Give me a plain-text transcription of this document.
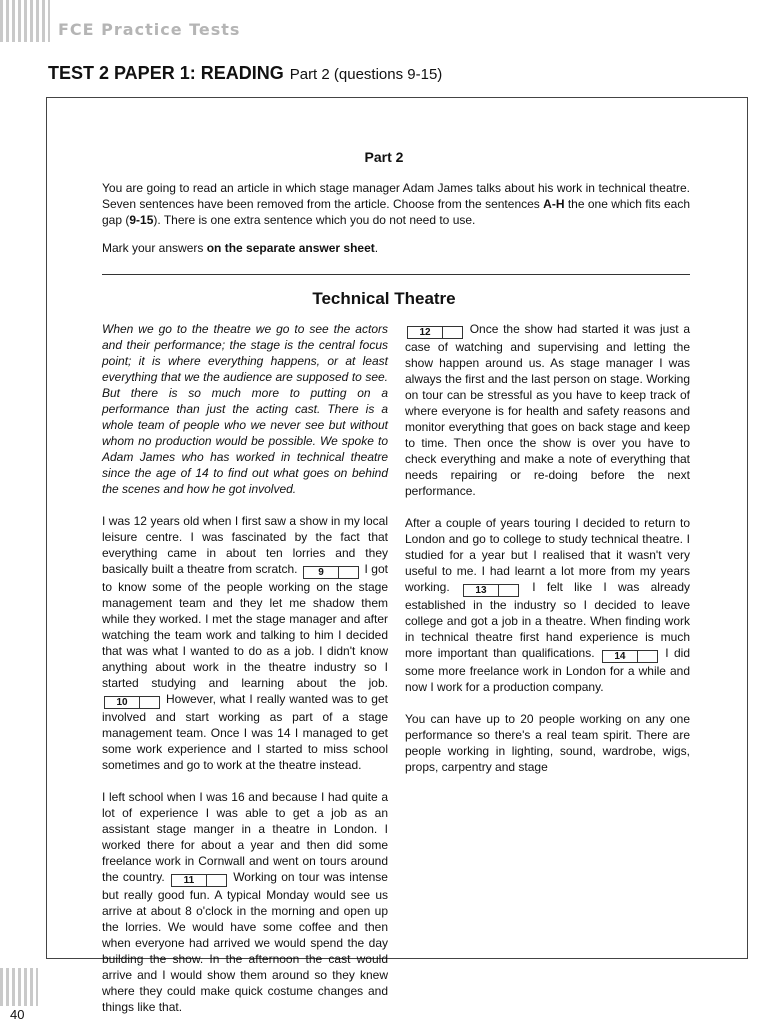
FCE Practice Tests
TEST 2 PAPER 1: READING Part 2 (questions 9-15)
Part 2

You are going to read an article in which stage manager Adam James talks about his work in technical theatre. Seven sentences have been removed from the article. Choose from the sentences A-H the one which fits each gap (9-15). There is one extra sentence which you do not need to use.

Mark your answers on the separate answer sheet.

Technical Theatre

When we go to the theatre we go to see the actors and their performance; the stage is the central focus point; it is where everything happens, or at least everything that we the audience are supposed to see. But there is so much more to putting on a performance than just the acting cast. There is a whole team of people who we never see but without whom no production would be possible. We spoke to Adam James who has worked in technical theatre since the age of 14 to find out what goes on behind the scenes and how he got involved.

I was 12 years old when I first saw a show in my local leisure centre. I was fascinated by the fact that everything came in about ten lorries and they basically built a theatre from scratch. 9	I got to know some of the people working on the stage management team and they let me shadow them while they worked. I met the stage manager and after watching the team work and talking to him I decided that was what I wanted to do as a job. I didn't know anything about work in the theatre industry so I started studying and learning about the job. 10	However, what I really wanted was to get involved and start working as part of a stage management team. Once I was 14 I managed to get some work experience and I started to miss school sometimes and go to work at the theatre instead.

I left school when I was 16 and because I had quite a lot of experience I was able to get a job as an assistant stage manger in a theatre in London. I worked there for about a year and then did some freelance work in Cornwall and went on tours around the country. 11	Working on tour was intense but really good fun. A typical Monday would see us arrive at about 8 o'clock in the morning and open up the lorries. We would have some coffee and then when everyone had arrived we would spend the day building the show. In the afternoon the cast would arrive and I would show them around so they knew where they could make quick costume changes and things like that.

12	Once the show had started it was just a case of watching and supervising and letting the show happen around us. As stage manager I was always the first and the last person on stage. Working on tour can be stressful as you have to keep track of where everyone is for health and safety reasons and monitor everything that goes on back stage and keep to time. Then once the show is over you have to check everything and make a note of everything that needs repairing or re-doing before the next performance.

After a couple of years touring I decided to return to London and go to college to study technical theatre. I studied for a year but I realised that it wasn't very useful to me. I had learnt a lot more from my years working.	13	I felt like I was already established in the industry so I decided to leave college and got a job in a theatre. When finding work in technical theatre first hand experience is much more important than qualifications. 14	I did some more freelance work in London for a while and now I work for a production company.

You can have up to 20 people working on any one performance so there's a real team spirit. There are people working in lighting, sound, wardrobe, wigs, props, carpentry and stage

40
